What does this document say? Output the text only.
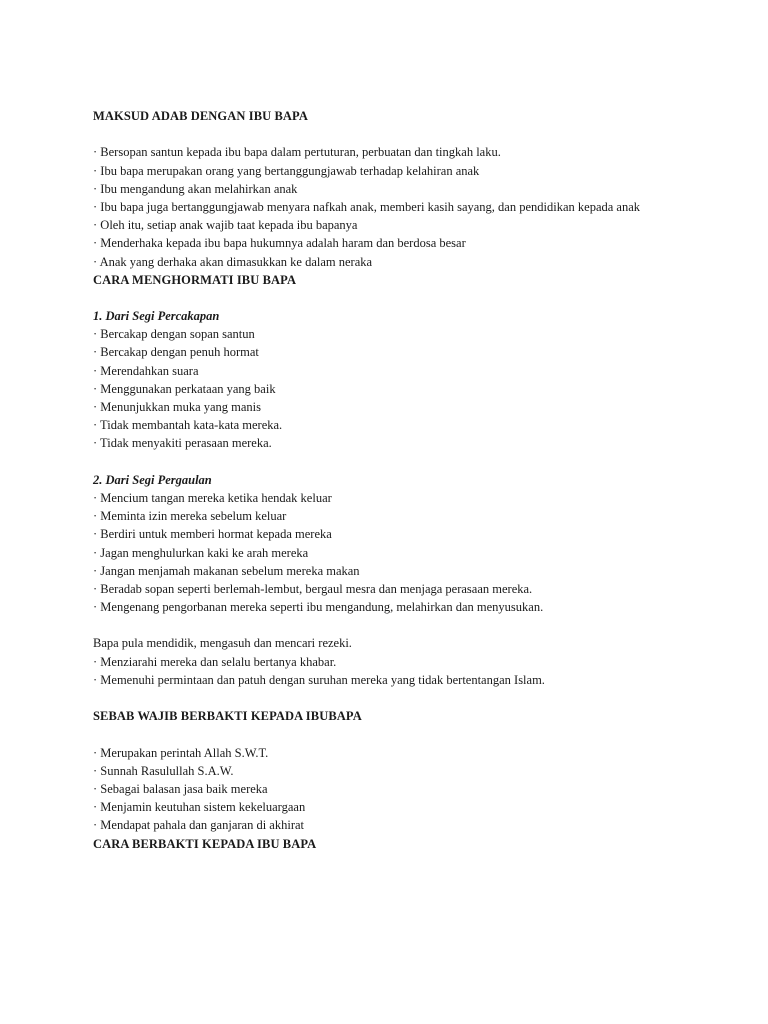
MAKSUD ADAB DENGAN IBU BAPA
· Bersopan santun kepada ibu bapa dalam pertuturan, perbuatan dan tingkah laku.
· Ibu bapa merupakan orang yang bertanggungjawab terhadap kelahiran anak
· Ibu mengandung akan melahirkan anak
· Ibu bapa juga bertanggungjawab menyara nafkah anak, memberi kasih sayang, dan pendidikan kepada anak
· Oleh itu, setiap anak wajib taat kepada ibu bapanya
· Menderhaka kepada ibu bapa hukumnya adalah haram dan berdosa besar
· Anak yang derhaka akan dimasukkan ke dalam neraka
CARA MENGHORMATI IBU BAPA
1. Dari Segi Percakapan
· Bercakap dengan sopan santun
· Bercakap dengan penuh hormat
· Merendahkan suara
· Menggunakan perkataan yang baik
· Menunjukkan muka yang manis
· Tidak membantah kata-kata mereka.
· Tidak menyakiti perasaan mereka.
2. Dari Segi Pergaulan
· Mencium tangan mereka ketika hendak keluar
· Meminta izin mereka sebelum keluar
· Berdiri untuk memberi hormat kepada mereka
· Jagan menghulurkan kaki ke arah mereka
· Jangan menjamah makanan sebelum mereka makan
· Beradab sopan seperti berlemah-lembut, bergaul mesra dan menjaga perasaan mereka.
· Mengenang pengorbanan mereka seperti ibu mengandung, melahirkan dan menyusukan.
Bapa pula mendidik, mengasuh dan mencari rezeki.
· Menziarahi mereka dan selalu bertanya khabar.
· Memenuhi permintaan dan patuh dengan suruhan mereka yang tidak bertentangan Islam.
SEBAB WAJIB BERBAKTI KEPADA IBUBAPA
· Merupakan perintah Allah S.W.T.
· Sunnah Rasulullah S.A.W.
· Sebagai balasan jasa baik mereka
· Menjamin keutuhan sistem kekeluargaan
· Mendapat pahala dan ganjaran di akhirat
CARA BERBAKTI KEPADA IBU BAPA
